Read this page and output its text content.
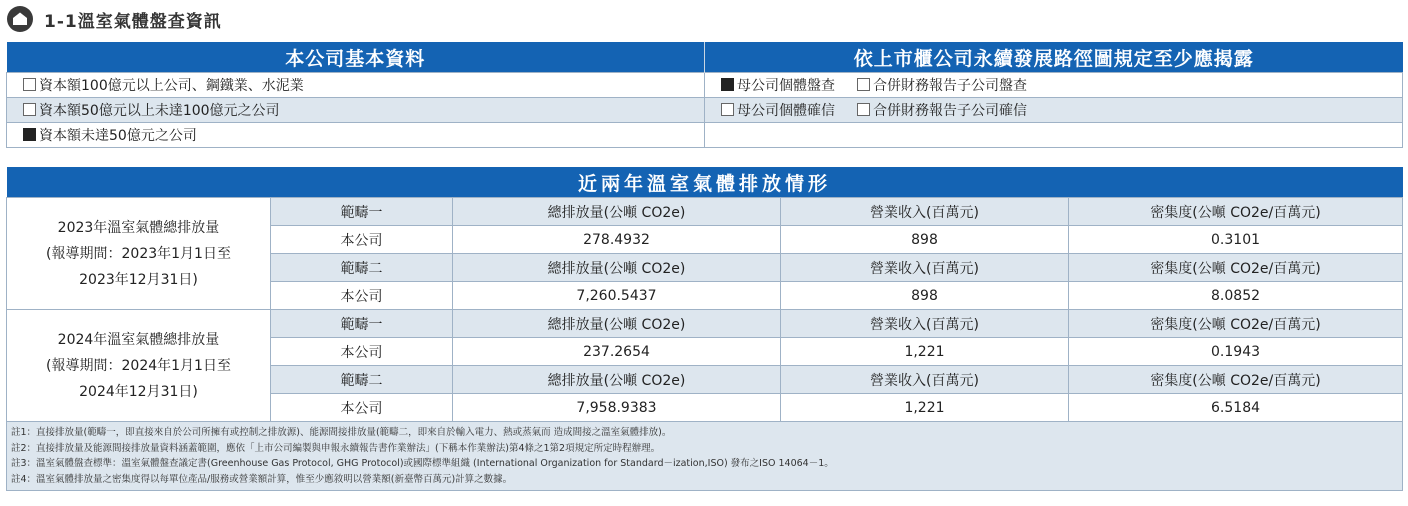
1-1溫室氣體盤查資訊
本公司基本資料	依上市櫃公司永續發展路徑圖規定至少應揭露
資本額100億元以上公司、鋼鐵業、水泥業	母公司個體盤查 合併財務報告子公司盤查
資本額50億元以上未達100億元之公司	母公司個體確信 合併財務報告子公司確信
資本額未達50億元之公司	
近兩年溫室氣體排放情形				

2023年溫室氣體總排放量
(報導期間：2023年1月1日至
2023年12月31日)	範疇一	總排放量(公噸 CO2e)	營業收入(百萬元)	密集度(公噸 CO2e/百萬元)
	本公司	278.4932	898	0.3101
	範疇二	總排放量(公噸 CO2e)	營業收入(百萬元)	密集度(公噸 CO2e/百萬元)
	本公司	7,260.5437	898	8.0852

2024年溫室氣體總排放量
(報導期間：2024年1月1日至
2024年12月31日)	範疇一	總排放量(公噸 CO2e)	營業收入(百萬元)	密集度(公噸 CO2e/百萬元)
	本公司	237.2654	1,221	0.1943
	範疇二	總排放量(公噸 CO2e)	營業收入(百萬元)	密集度(公噸 CO2e/百萬元)
	本公司	7,958.9383	1,221	6.5184

註1：直接排放量(範疇一，即直接來自於公司所擁有或控制之排放源)、能源間接排放量(範疇二，即來自於輸入電力、熱或蒸氣而 造成間接之溫室氣體排放)。
註2：直接排放量及能源間接排放量資料涵蓋範圍，應依「上市公司編製與申報永續報告書作業辦法」(下稱本作業辦法)第4條之1第2項規定所定時程辦理。
註3：溫室氣體盤查標準：溫室氣體盤查議定書(Greenhouse Gas Protocol, GHG Protocol)或國際標準組織 (International Organization for Standard－ization,ISO) 發布之ISO 14064－1。
註4：溫室氣體排放量之密集度得以每單位產品/服務或營業額計算，惟至少應敘明以營業額(新臺幣百萬元)計算之數據。				
